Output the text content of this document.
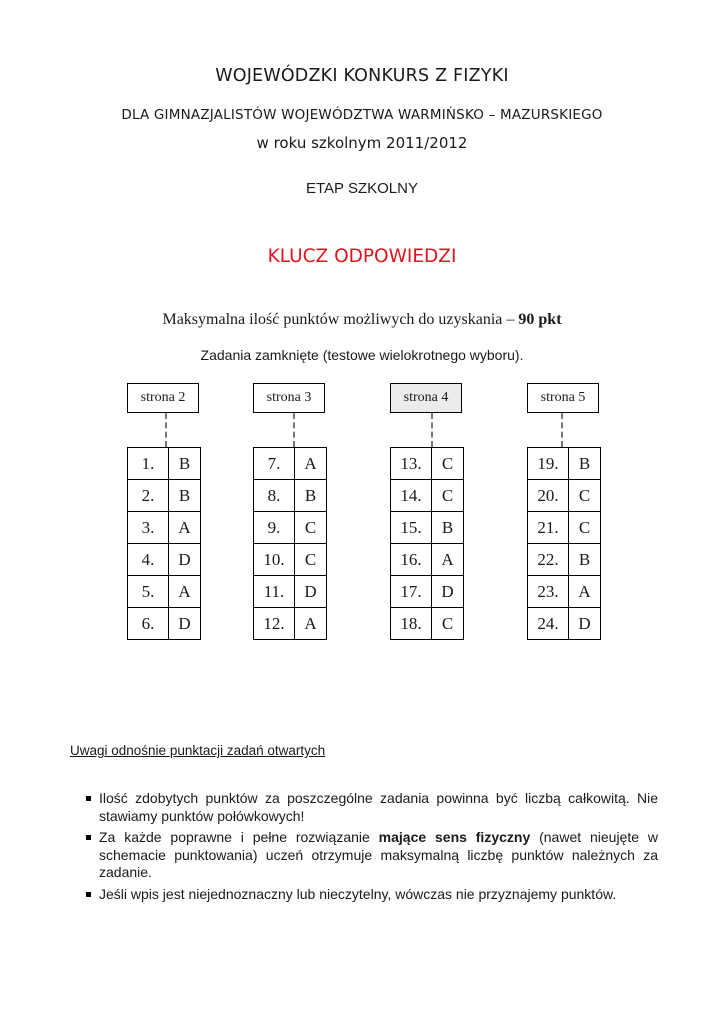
WOJEWÓDZKI KONKURS Z FIZYKI
DLA GIMNAZJALISTÓW WOJEWÓDZTWA WARMIŃSKO – MAZURSKIEGO
w roku szkolnym 2011/2012
ETAP SZKOLNY
KLUCZ ODPOWIEDZI
Maksymalna ilość punktów możliwych do uzyskania – 90 pkt
Zadania zamknięte (testowe wielokrotnego wyboru).
strona 2
1.	B
2.	B
3.	A
4.	D
5.	A
6.	D
strona 3
7.	A
8.	B
9.	C
10.	C
11.	D
12.	A
strona 4
13.	C
14.	C
15.	B
16.	A
17.	D
18.	C
strona 5
19.	B
20.	C
21.	C
22.	B
23.	A
24.	D
Uwagi odnośnie punktacji zadań otwartych
Ilość zdobytych punktów za poszczególne zadania powinna być liczbą całkowitą. Nie stawiamy punktów połówkowych!
Za każde poprawne i pełne rozwiązanie mające sens fizyczny (nawet nieujęte w schemacie punktowania) uczeń otrzymuje maksymalną liczbę punktów należnych za zadanie.
Jeśli wpis jest niejednoznaczny lub nieczytelny, wówczas nie przyznajemy punktów.
